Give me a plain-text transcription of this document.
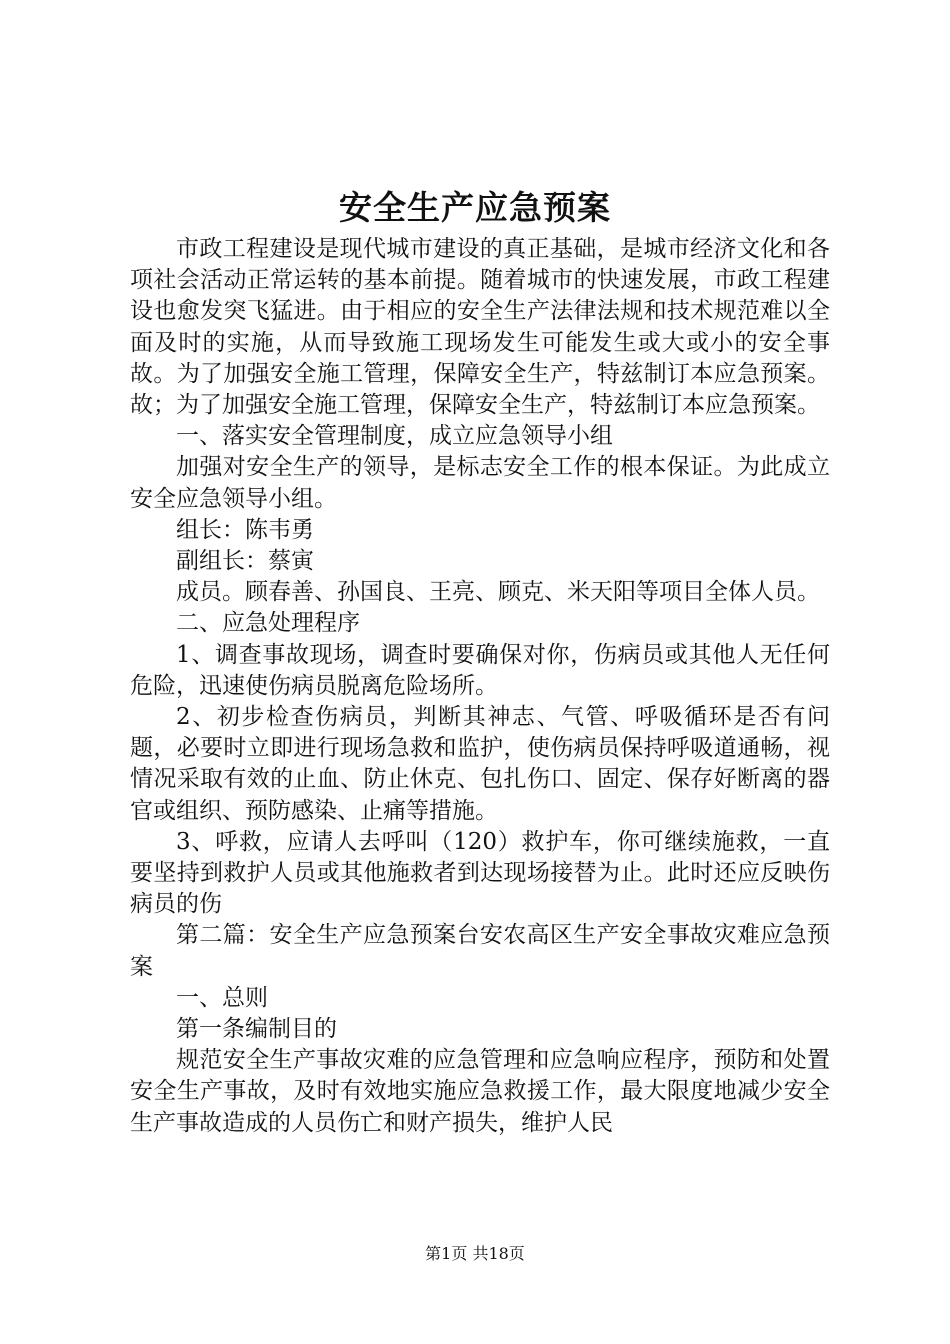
安全生产应急预案

市政工程建设是现代城市建设的真正基础，是城市经济文化和各项社会活动正常运转的基本前提。随着城市的快速发展，市政工程建设也愈发突飞猛进。由于相应的安全生产法律法规和技术规范难以全面及时的实施，从而导致施工现场发生可能发生或大或小的安全事故。为了加强安全施工管理，保障安全生产，特兹制订本应急预案。故；为了加强安全施工管理，保障安全生产，特兹制订本应急预案。

一、落实安全管理制度，成立应急领导小组

加强对安全生产的领导，是标志安全工作的根本保证。为此成立安全应急领导小组。

组长：陈韦勇

副组长：蔡寅

成员。顾春善、孙国良、王亮、顾克、米天阳等项目全体人员。

二、应急处理程序

1、调查事故现场，调查时要确保对你，伤病员或其他人无任何危险，迅速使伤病员脱离危险场所。

2、初步检查伤病员，判断其神志、气管、呼吸循环是否有问题，必要时立即进行现场急救和监护，使伤病员保持呼吸道通畅，视情况采取有效的止血、防止休克、包扎伤口、固定、保存好断离的器官或组织、预防感染、止痛等措施。

3、呼救，应请人去呼叫（120）救护车，你可继续施救，一直要坚持到救护人员或其他施救者到达现场接替为止。此时还应反映伤病员的伤

第二篇：安全生产应急预案台安农高区生产安全事故灾难应急预案

一、总则

第一条编制目的

规范安全生产事故灾难的应急管理和应急响应程序，预防和处置安全生产事故，及时有效地实施应急救援工作，最大限度地减少安全生产事故造成的人员伤亡和财产损失，维护人民

第1页 共18页
